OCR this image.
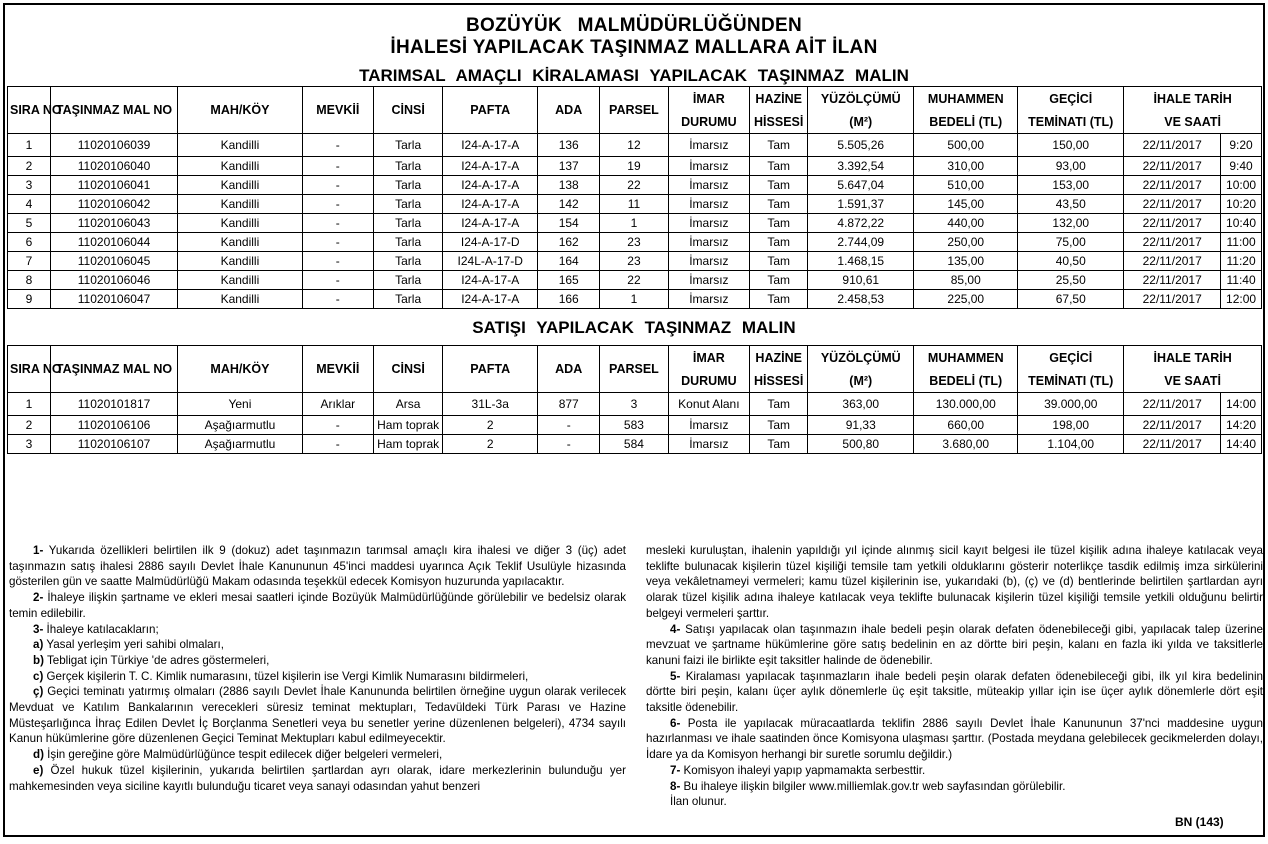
BOZÜYÜK MALMÜDÜRLÜĞÜNDEN
İHALESİ YAPILACAK TAŞINMAZ MALLARA AİT İLAN
TARIMSAL AMAÇLI KİRALAMASI YAPILACAK TAŞINMAZ MALIN
SIRA NO	TAŞINMAZ MAL NO	MAH/KÖY	MEVKİİ	CİNSİ	PAFTA	ADA	PARSEL	İMAR	HAZİNE	YÜZÖLÇÜMÜ	MUHAMMEN	GEÇİCİ	İHALE TARİH	
								DURUMU	HİSSESİ	(M²)	BEDELİ (TL)	TEMİNATI (TL)	VE SAATİ	
1	11020106039	Kandilli	-	Tarla	I24-A-17-A	136	12	İmarsız	Tam	5.505,26	500,00	150,00	22/11/2017	9:20
2	11020106040	Kandilli	-	Tarla	I24-A-17-A	137	19	İmarsız	Tam	3.392,54	310,00	93,00	22/11/2017	9:40
3	11020106041	Kandilli	-	Tarla	I24-A-17-A	138	22	İmarsız	Tam	5.647,04	510,00	153,00	22/11/2017	10:00
4	11020106042	Kandilli	-	Tarla	I24-A-17-A	142	11	İmarsız	Tam	1.591,37	145,00	43,50	22/11/2017	10:20
5	11020106043	Kandilli	-	Tarla	I24-A-17-A	154	1	İmarsız	Tam	4.872,22	440,00	132,00	22/11/2017	10:40
6	11020106044	Kandilli	-	Tarla	I24-A-17-D	162	23	İmarsız	Tam	2.744,09	250,00	75,00	22/11/2017	11:00
7	11020106045	Kandilli	-	Tarla	I24L-A-17-D	164	23	İmarsız	Tam	1.468,15	135,00	40,50	22/11/2017	11:20
8	11020106046	Kandilli	-	Tarla	I24-A-17-A	165	22	İmarsız	Tam	910,61	85,00	25,50	22/11/2017	11:40
9	11020106047	Kandilli	-	Tarla	I24-A-17-A	166	1	İmarsız	Tam	2.458,53	225,00	67,50	22/11/2017	12:00
SATIŞI YAPILACAK TAŞINMAZ MALIN
SIRA NO	TAŞINMAZ MAL NO	MAH/KÖY	MEVKİİ	CİNSİ	PAFTA	ADA	PARSEL	İMAR	HAZİNE	YÜZÖLÇÜMÜ	MUHAMMEN	GEÇİCİ	İHALE TARİH	
								DURUMU	HİSSESİ	(M²)	BEDELİ (TL)	TEMİNATI (TL)	VE SAATİ	
1	11020101817	Yeni	Arıklar	Arsa	31L-3a	877	3	Konut Alanı	Tam	363,00	130.000,00	39.000,00	22/11/2017	14:00
2	11020106106	Aşağıarmutlu	-	Ham toprak	2	-	583	İmarsız	Tam	91,33	660,00	198,00	22/11/2017	14:20
3	11020106107	Aşağıarmutlu	-	Ham toprak	2	-	584	İmarsız	Tam	500,80	3.680,00	1.104,00	22/11/2017	14:40

1- Yukarıda özellikleri belirtilen ilk 9 (dokuz) adet taşınmazın tarımsal amaçlı kira ihalesi ve diğer 3 (üç) adet taşınmazın satış ihalesi 2886 sayılı Devlet İhale Kanununun 45'inci maddesi uyarınca Açık Teklif Usulüyle hizasında gösterilen gün ve saatte Malmüdürlüğü Makam odasında teşekkül edecek Komisyon huzurunda yapılacaktır.

2- İhaleye ilişkin şartname ve ekleri mesai saatleri içinde Bozüyük Malmüdürlüğünde görülebilir ve bedelsiz olarak temin edilebilir.

3- İhaleye katılacakların;

a) Yasal yerleşim yeri sahibi olmaları,

b) Tebligat için Türkiye 'de adres göstermeleri,

c) Gerçek kişilerin T. C. Kimlik numarasını, tüzel kişilerin ise Vergi Kimlik Numarasını bildirmeleri,

ç) Geçici teminatı yatırmış olmaları (2886 sayılı Devlet İhale Kanununda belirtilen örneğine uygun olarak verilecek Mevduat ve Katılım Bankalarının verecekleri süresiz teminat mektupları, Tedavüldeki Türk Parası ve Hazine Müsteşarlığınca İhraç Edilen Devlet İç Borçlanma Senetleri veya bu senetler yerine düzenlenen belgeleri), 4734 sayılı Kanun hükümlerine göre düzenlenen Geçici Teminat Mektupları kabul edilmeyecektir.

d) İşin gereğine göre Malmüdürlüğünce tespit edilecek diğer belgeleri vermeleri,

e) Özel hukuk tüzel kişilerinin, yukarıda belirtilen şartlardan ayrı olarak, idare merkezlerinin bulunduğu yer mahkemesinden veya siciline kayıtlı bulunduğu ticaret veya sanayi odasından yahut benzeri

mesleki kuruluştan, ihalenin yapıldığı yıl içinde alınmış sicil kayıt belgesi ile tüzel kişilik adına ihaleye katılacak veya teklifte bulunacak kişilerin tüzel kişiliği temsile tam yetkili olduklarını gösterir noterlikçe tasdik edilmiş imza sirkülerini veya vekâletnameyi vermeleri; kamu tüzel kişilerinin ise, yukarıdaki (b), (ç) ve (d) bentlerinde belirtilen şartlardan ayrı olarak tüzel kişilik adına ihaleye katılacak veya teklifte bulunacak kişilerin tüzel kişiliği temsile yetkili olduğunu belirtir belgeyi vermeleri şarttır.

4- Satışı yapılacak olan taşınmazın ihale bedeli peşin olarak defaten ödenebileceği gibi, yapılacak talep üzerine mevzuat ve şartname hükümlerine göre satış bedelinin en az dörtte biri peşin, kalanı en fazla iki yılda ve taksitlerle kanuni faizi ile birlikte eşit taksitler halinde de ödenebilir.

5- Kiralaması yapılacak taşınmazların ihale bedeli peşin olarak defaten ödenebileceği gibi, ilk yıl kira bedelinin dörtte biri peşin, kalanı üçer aylık dönemlerle üç eşit taksitle, müteakip yıllar için ise üçer aylık dönemlerle dört eşit taksitle ödenebilir.

6- Posta ile yapılacak müracaatlarda teklifin 2886 sayılı Devlet İhale Kanununun 37'nci maddesine uygun hazırlanması ve ihale saatinden önce Komisyona ulaşması şarttır. (Postada meydana gelebilecek gecikmelerden dolayı, İdare ya da Komisyon herhangi bir suretle sorumlu değildir.)

7- Komisyon ihaleyi yapıp yapmamakta serbesttir.

8- Bu ihaleye ilişkin bilgiler www.milliemlak.gov.tr web sayfasından görülebilir.

İlan olunur.

BN (143)
